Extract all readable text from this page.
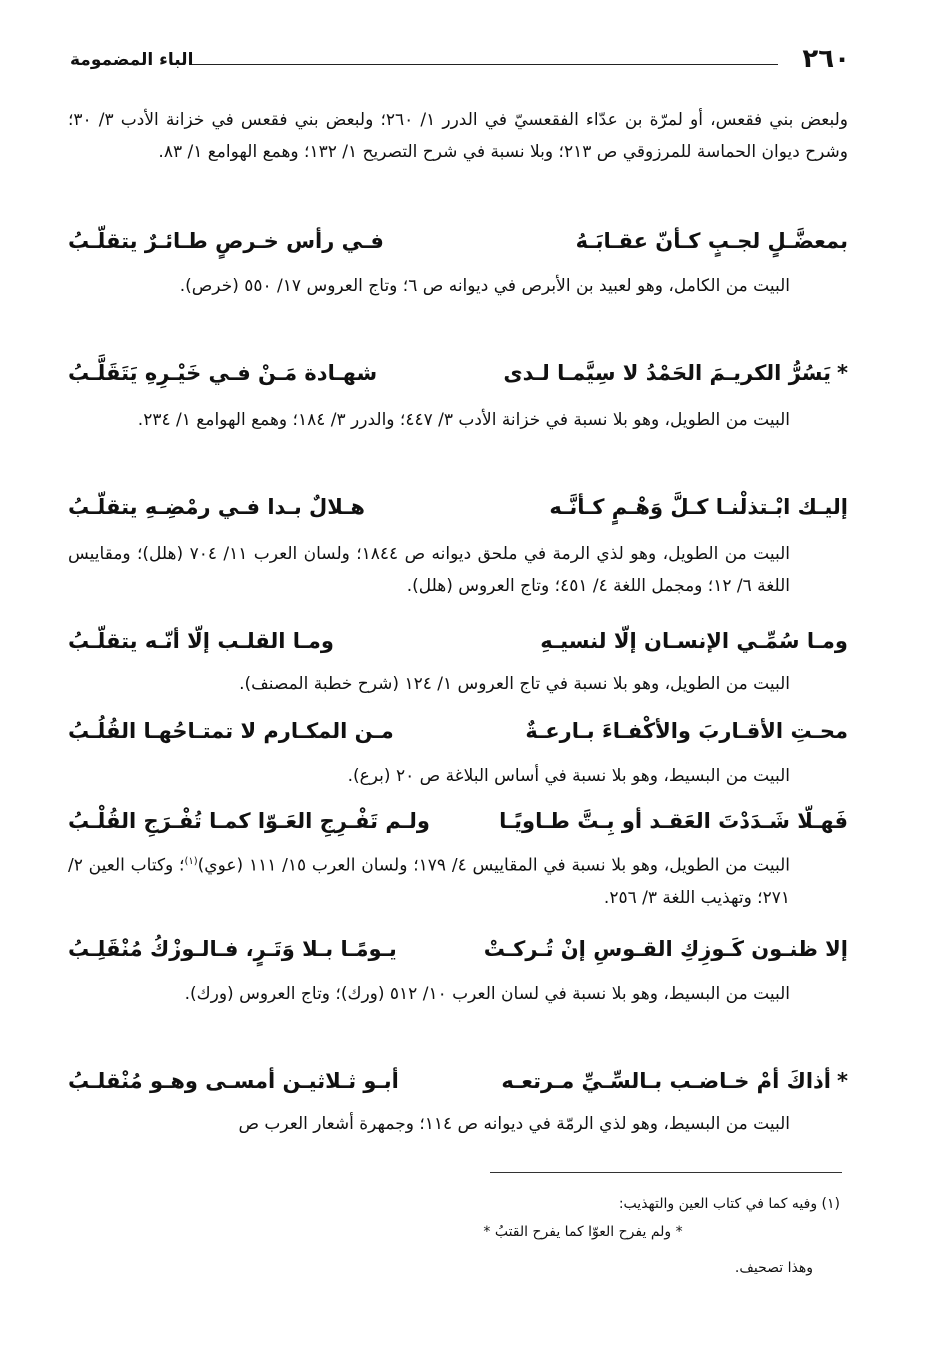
٢٦٠
الباء المضمومة

ولبعض بني فقعس، أو لمرّة بن عدّاء الفقعسيّ في الدرر ١/ ٢٦٠؛ ولبعض بني فقعس في خزانة الأدب ٣/ ٣٠؛ وشرح ديوان الحماسة للمرزوقي ص ٢١٣؛ وبلا نسبة في شرح التصريح ١/ ١٣٢؛ وهمع الهوامع ١/ ٨٣.

بمعضَّـلٍ لجـبٍ كـأنّ عقـابَـهُ
فـي رأس خـرصٍ طـائـرٌ يتقلّـبُ

البيت من الكامل، وهو لعبيد بن الأبرص في ديوانه ص ٦؛ وتاج العروس ١٧/ ٥٥٠ (خرص).

*يَسُرُّ الكريـمَ الحَمْدُ لا سِيَّمـا لـدى
شهـادة مَـنْ فـي خَيْـرِهِ يَتَقَلَّـبُ

البيت من الطويل، وهو بلا نسبة في خزانة الأدب ٣/ ٤٤٧؛ والدرر ٣/ ١٨٤؛ وهمع الهوامع ١/ ٢٣٤.

إليـك ابْـتذلْنـا كـلَّ وَهْـمٍ كـأنَّـه
هـلالٌ بـدا فـي رمْضِـهِ يتقلّـبُ

البيت من الطويل، وهو لذي الرمة في ملحق ديوانه ص ١٨٤٤؛ ولسان العرب ١١/ ٧٠٤ (هلل)؛ ومقاييس اللغة ٦/ ١٢؛ ومجمل اللغة ٤/ ٤٥١؛ وتاج العروس (هلل).

ومـا سُمِّـي الإنسـان إلّا لنسيـهِ
ومـا القلـب إلّا أنّـه يتقلّـبُ

البيت من الطويل، وهو بلا نسبة في تاج العروس ١/ ١٢٤ (شرح خطبة المصنف).

محـتِ الأقـاربَ والأكْفـاءَ بـارعـةٌ
مـن المكـارم لا تمتـاحُهـا القُلُـبُ

البيت من البسيط، وهو بلا نسبة في أساس البلاغة ص ٢٠ (برع).

فَهـلّا شَـدَدْتَ العَقـد أو بِـتَّ طـاويًـا
ولـم تَفْـرِجِ العَـوّا كمـا تُفْـرَجِ القُلْـبُ

البيت من الطويل، وهو بلا نسبة في المقاييس ٤/ ١٧٩؛ ولسان العرب ١٥/ ١١١ (عوي)$^{(١)}$؛ وكتاب العين ٢/ ٢٧١؛ وتهذيب اللغة ٣/ ٢٥٦.

إلا ظنـون كَـوزِكِ القـوسِ إنْ تُـركـتْ
يـومًـا بـلا وَتَـرٍ، فـالـوزْكُ مُنْقَلِـبُ

البيت من البسيط، وهو بلا نسبة في لسان العرب ١٠/ ٥١٢ (ورك)؛ وتاج العروس (ورك).

*أذاكَ أمْ خـاضـب بـالسِّـيِّ مـرتعـه
أبـو ثـلاثيـن أمسـى وهـو مُنْقلـبُ

البيت من البسيط، وهو لذي الرمّة في ديوانه ص ١١٤؛ وجمهرة أشعار العرب ص

(١) وفيه كما في كتاب العين والتهذيب:

* ولم يفرح العوّا كما يفرح القتبُ *

وهذا تصحيف.
